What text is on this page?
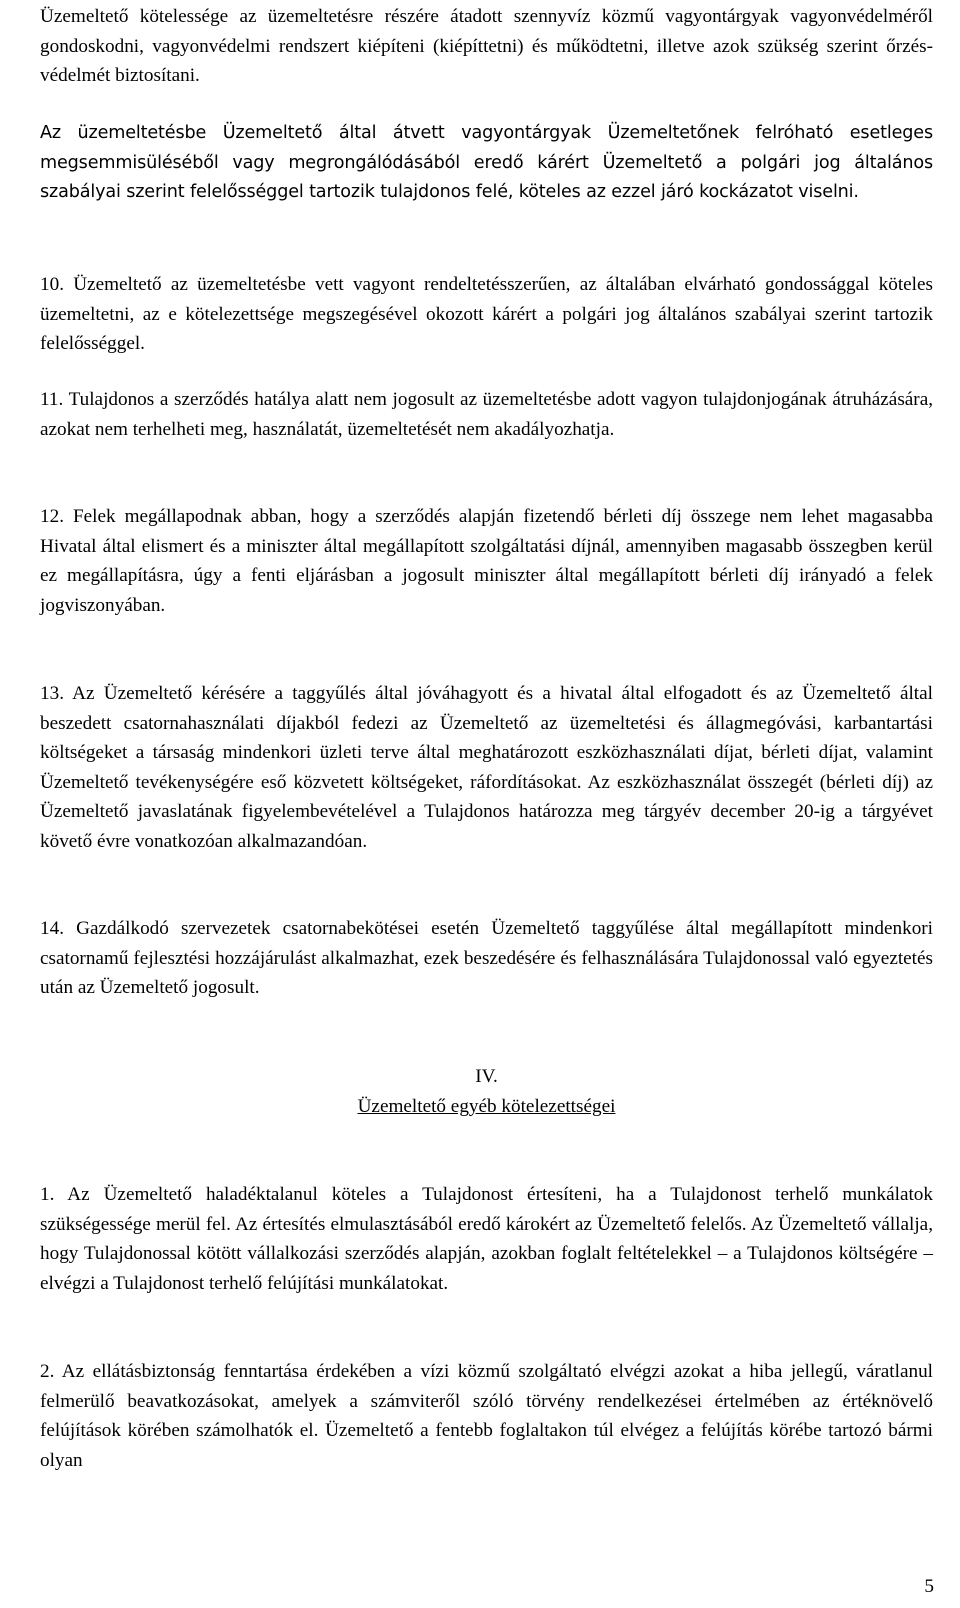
Üzemeltető kötelessége az üzemeltetésre részére átadott szennyvíz közmű vagyontárgyak vagyonvédelméről gondoskodni, vagyonvédelmi rendszert kiépíteni (kiépíttetni) és működtetni, illetve azok szükség szerint őrzés-védelmét biztosítani.

Az üzemeltetésbe Üzemeltető által átvett vagyontárgyak Üzemeltetőnek felróható esetleges megsemmisüléséből vagy megrongálódásából eredő kárért Üzemeltető a polgári jog általános szabályai szerint felelősséggel tartozik tulajdonos felé, köteles az ezzel járó kockázatot viselni.

10. Üzemeltető az üzemeltetésbe vett vagyont rendeltetésszerűen, az általában elvárható gondossággal köteles üzemeltetni, az e kötelezettsége megszegésével okozott kárért a polgári jog általános szabályai szerint tartozik felelősséggel.
11. Tulajdonos a szerződés hatálya alatt nem jogosult az üzemeltetésbe adott vagyon tulajdonjogának átruházására, azokat nem terhelheti meg, használatát, üzemeltetését nem akadályozhatja.
12. Felek megállapodnak abban, hogy a szerződés alapján fizetendő bérleti díj összege nem lehet magasabba Hivatal által elismert és a miniszter által megállapított szolgáltatási díjnál, amennyiben magasabb összegben kerül ez megállapításra, úgy a fenti eljárásban a jogosult miniszter által megállapított bérleti díj irányadó a felek jogviszonyában.
13. Az Üzemeltető kérésére a taggyűlés által jóváhagyott és a hivatal által elfogadott és az Üzemeltető által beszedett csatornahasználati díjakból fedezi az Üzemeltető az üzemeltetési és állagmegóvási, karbantartási költségeket a társaság mindenkori üzleti terve által meghatározott eszközhasználati díjat, bérleti díjat, valamint Üzemeltető tevékenységére eső közvetett költségeket, ráfordításokat. Az eszközhasználat összegét (bérleti díj) az Üzemeltető javaslatának figyelembevételével a Tulajdonos határozza meg tárgyév december 20-ig a tárgyévet követő évre vonatkozóan alkalmazandóan.
14. Gazdálkodó szervezetek csatornabekötései esetén Üzemeltető taggyűlése által megállapított mindenkori csatornamű fejlesztési hozzájárulást alkalmazhat, ezek beszedésére és felhasználására Tulajdonossal való egyeztetés után az Üzemeltető jogosult.
IV.
Üzemeltető egyéb kötelezettségei
1. Az Üzemeltető haladéktalanul köteles a Tulajdonost értesíteni, ha a Tulajdonost terhelő munkálatok szükségessége merül fel. Az értesítés elmulasztásából eredő károkért az Üzemeltető felelős. Az Üzemeltető vállalja, hogy Tulajdonossal kötött vállalkozási szerződés alapján, azokban foglalt feltételekkel – a Tulajdonos költségére – elvégzi a Tulajdonost terhelő felújítási munkálatokat.
2. Az ellátásbiztonság fenntartása érdekében a vízi közmű szolgáltató elvégzi azokat a hiba jellegű, váratlanul felmerülő beavatkozásokat, amelyek a számviteről szóló törvény rendelkezései értelmében az értéknövelő felújítások körében számolhatók el. Üzemeltető a fentebb foglaltakon túl elvégez a felújítás körébe tartozó bármi olyan
5
